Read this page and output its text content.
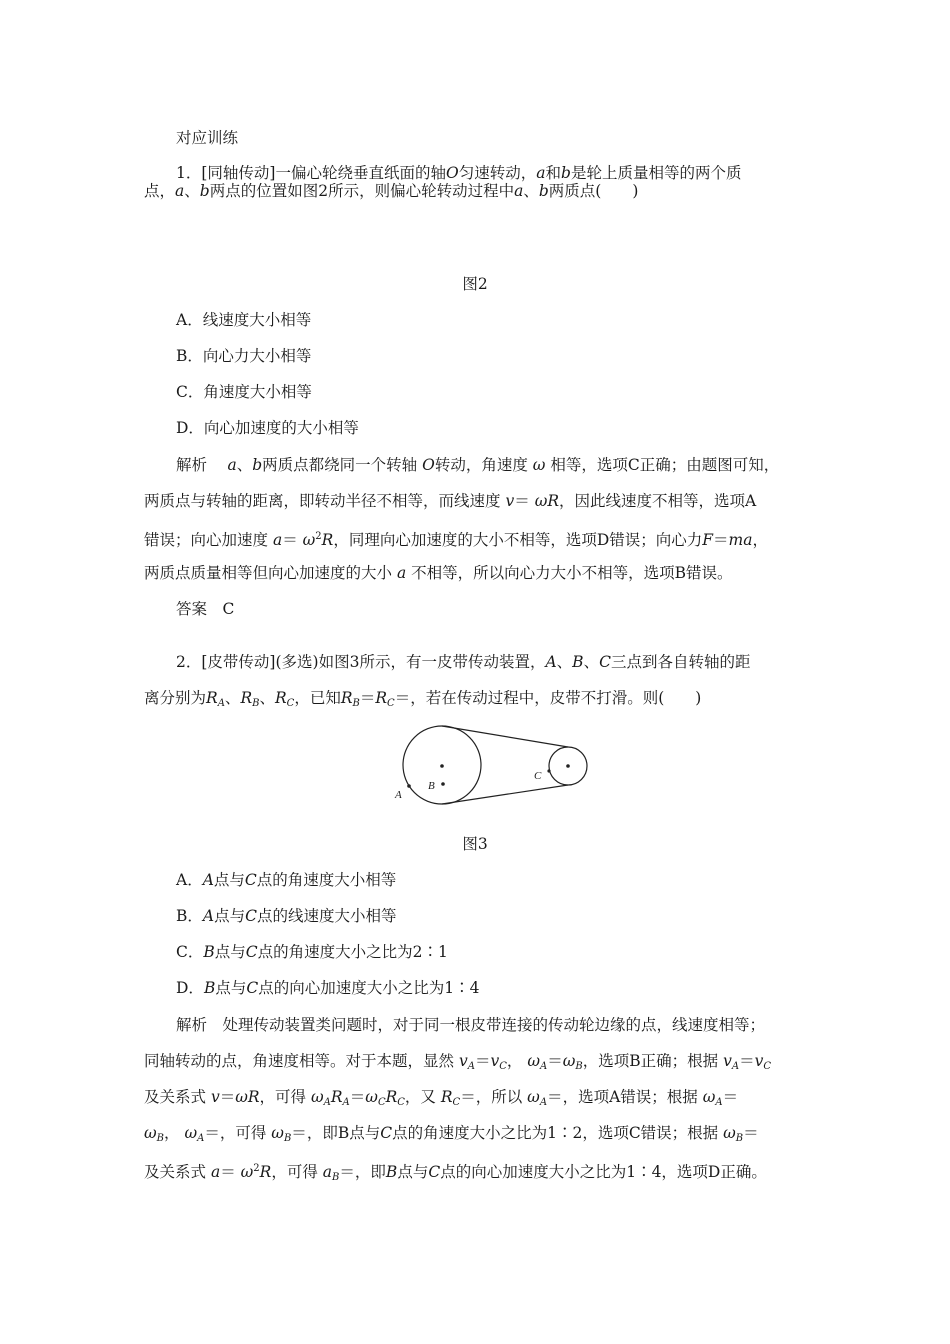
对应训练
1．[同轴传动]一偏心轮绕垂直纸面的轴O匀速转动，a和b是轮上质量相等的两个质
点，a、b两点的位置如图2所示，则偏心轮转动过程中a、b两质点(　　)
图2
A．线速度大小相等
B．向心力大小相等
C．角速度大小相等
D．向心加速度的大小相等
解析　 a、b两质点都绕同一个转轴 O转动，角速度 ω 相等，选项C正确；由题图可知，
两质点与转轴的距离，即转动半径不相等，而线速度 v＝ ωR，因此线速度不相等，选项A
错误；向心加速度 $a= \omega^2R$，同理向心加速度的大小不相等，选项D错误；向心力F＝ma，
两质点质量相等但向心加速度的大小 a 不相等，所以向心力大小不相等，选项B错误。
答案　 C
2．[皮带传动](多选)如图3所示，有一皮带传动装置，A、B、C三点到各自转轴的距
离分别为$R_A$、$R_B$、$R_C$，已知$R_B=R_C=$，若在传动过程中，皮带不打滑。则(　　)
A
B
C
图3
A．A点与C点的角速度大小相等
B．A点与C点的线速度大小相等
C．B点与C点的角速度大小之比为2∶1
D．B点与C点的向心加速度大小之比为1∶4
解析　处理传动装置类问题时，对于同一根皮带连接的传动轮边缘的点，线速度相等；
同轴转动的点，角速度相等。对于本题，显然 $v_A=v_C$， $\omega_A=\omega_B$，选项B正确；根据 $v_A=v_C$
及关系式 v＝ωR，可得 $\omega_AR_A=\omega_CR_C$，又 $R_C=$，所以 $\omega_A=$，选项A错误；根据 $\omega_A=$
$\omega_B$， $\omega_A=$，可得 $\omega_B=$，即B点与C点的角速度大小之比为1∶2，选项C错误；根据 $\omega_B=$
及关系式 $a= \omega^2R$，可得 $a_B=$，即B点与C点的向心加速度大小之比为1∶4，选项D正确。
